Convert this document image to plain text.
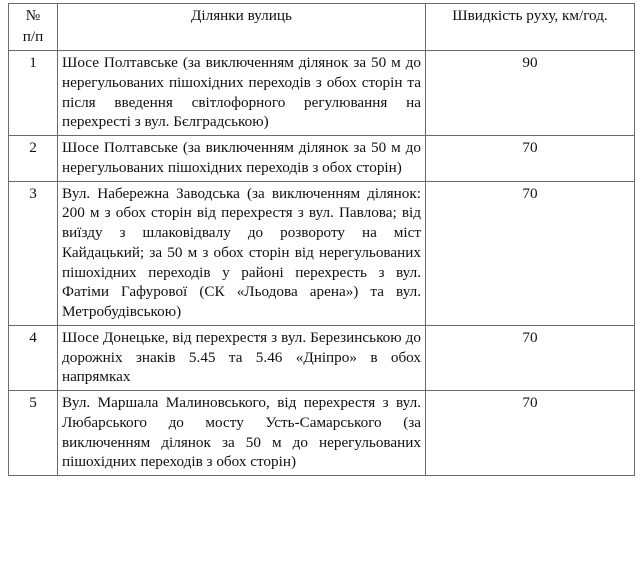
№
п/п	Ділянки вулиць	Швидкість руху, км/год.
1	Шосе Полтавське (за виключенням ділянок за 50 м до нерегульованих пішохідних переходів з обох сторін та після введення світлофорного регулювання на перехресті з вул. Бєлградською)	90
2	Шосе Полтавське (за виключенням ділянок за 50 м до нерегульованих пішохідних переходів з обох сторін)	70
3	Вул. Набережна Заводська (за виключенням ділянок: 200 м з обох сторін від перехрестя з вул. Павлова; від виїзду з шлаковідвалу до розвороту на міст Кайдацький; за 50 м з обох сторін від нерегульованих пішохідних переходів у районі перехресть з вул. Фатіми Гафурової (СК «Льодова арена») та вул. Метробудівською)	70
4	Шосе Донецьке, від перехрестя з вул. Березинською до дорожніх знаків 5.45 та 5.46 «Дніпро» в обох напрямках	70
5	Вул. Маршала Малиновського, від перехрестя з вул. Любарського до мосту Усть-Самарського (за виключенням ділянок за 50 м до нерегульованих пішохідних переходів з обох сторін)	70
